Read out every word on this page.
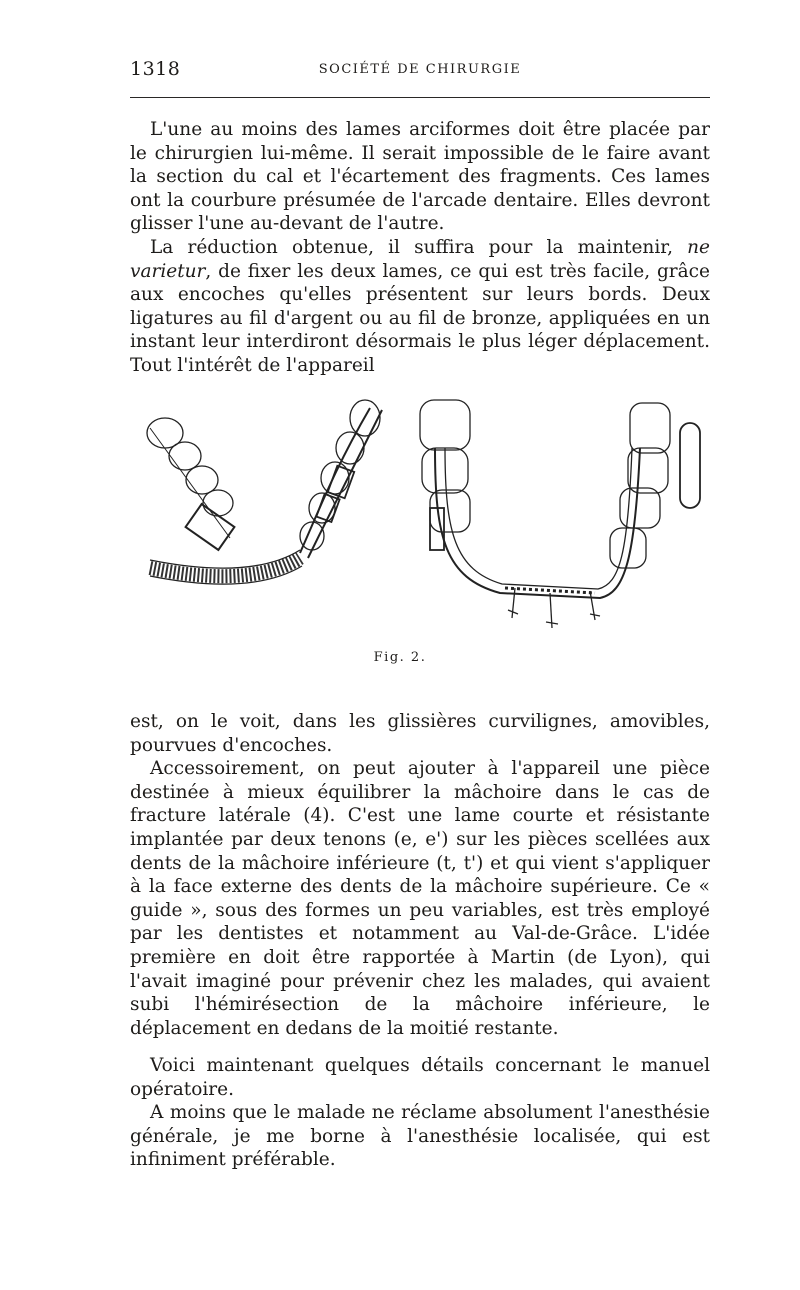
1318	SOCIÉTÉ DE CHIRURGIE

L'une au moins des lames arciformes doit être placée par le chirurgien lui-même. Il serait impossible de le faire avant la section du cal et l'écartement des fragments. Ces lames ont la courbure présumée de l'arcade dentaire. Elles devront glisser l'une au-devant de l'autre.

La réduction obtenue, il suffira pour la maintenir, ne varietur, de fixer les deux lames, ce qui est très facile, grâce aux encoches qu'elles présentent sur leurs bords. Deux ligatures au fil d'argent ou au fil de bronze, appliquées en un instant leur interdiront désormais le plus léger déplacement. Tout l'intérêt de l'appareil

Fig. 2.

est, on le voit, dans les glissières curvilignes, amovibles, pourvues d'encoches.

Accessoirement, on peut ajouter à l'appareil une pièce destinée à mieux équilibrer la mâchoire dans le cas de fracture latérale (4). C'est une lame courte et résistante implantée par deux tenons (e, e') sur les pièces scellées aux dents de la mâchoire inférieure (t, t') et qui vient s'appliquer à la face externe des dents de la mâchoire supérieure. Ce « guide », sous des formes un peu variables, est très employé par les dentistes et notamment au Val-de-Grâce. L'idée première en doit être rapportée à Martin (de Lyon), qui l'avait imaginé pour prévenir chez les malades, qui avaient subi l'hémirésection de la mâchoire inférieure, le déplacement en dedans de la moitié restante.

Voici maintenant quelques détails concernant le manuel opératoire.

A moins que le malade ne réclame absolument l'anesthésie générale, je me borne à l'anesthésie localisée, qui est infiniment préférable.
